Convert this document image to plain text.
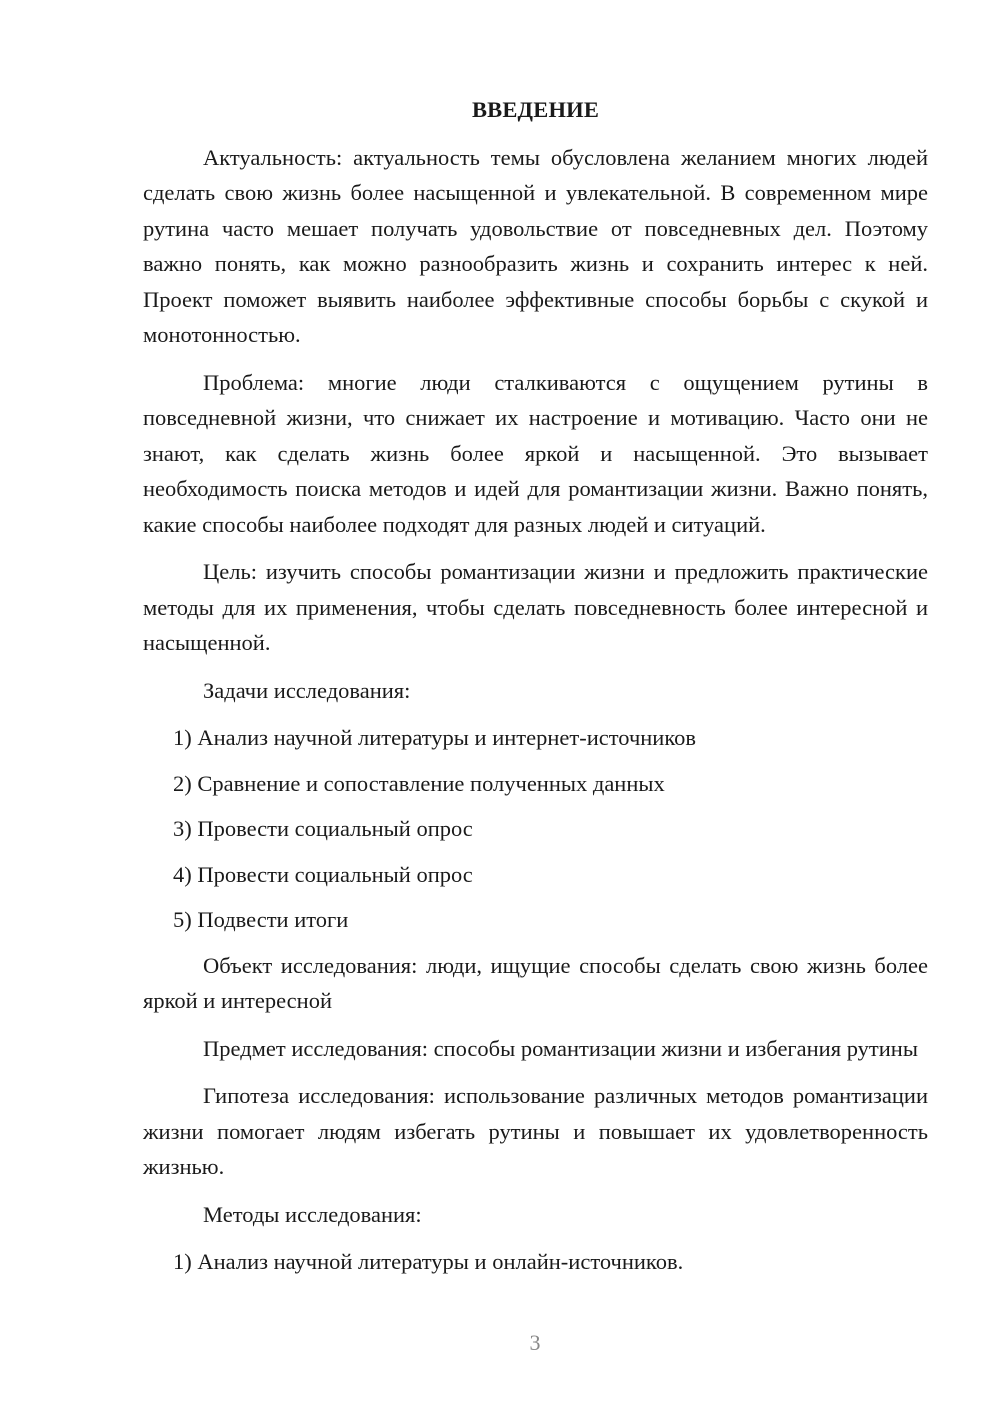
ВВЕДЕНИЕ

Актуальность: актуальность темы обусловлена желанием многих людей сделать свою жизнь более насыщенной и увлекательной. В современном мире рутина часто мешает получать удовольствие от повседневных дел. Поэтому важно понять, как можно разнообразить жизнь и сохранить интерес к ней. Проект поможет выявить наиболее эффективные способы борьбы с скукой и монотонностью.

Проблема: многие люди сталкиваются с ощущением рутины в повседневной жизни, что снижает их настроение и мотивацию. Часто они не знают, как сделать жизнь более яркой и насыщенной. Это вызывает необходимость поиска методов и идей для романтизации жизни. Важно понять, какие способы наиболее подходят для разных людей и ситуаций.

Цель: изучить способы романтизации жизни и предложить практические методы для их применения, чтобы сделать повседневность более интересной и насыщенной.

Задачи исследования:

1) Анализ научной литературы и интернет-источников
2) Сравнение и сопоставление полученных данных
3) Провести социальный опрос
4) Провести социальный опрос
5) Подвести итоги

Объект исследования: люди, ищущие способы сделать свою жизнь более яркой и интересной

Предмет исследования: способы романтизации жизни и избегания рутины

Гипотеза исследования: использование различных методов романтизации жизни помогает людям избегать рутины и повышает их удовлетворенность жизнью.

Методы исследования:

1) Анализ научной литературы и онлайн-источников.
3
